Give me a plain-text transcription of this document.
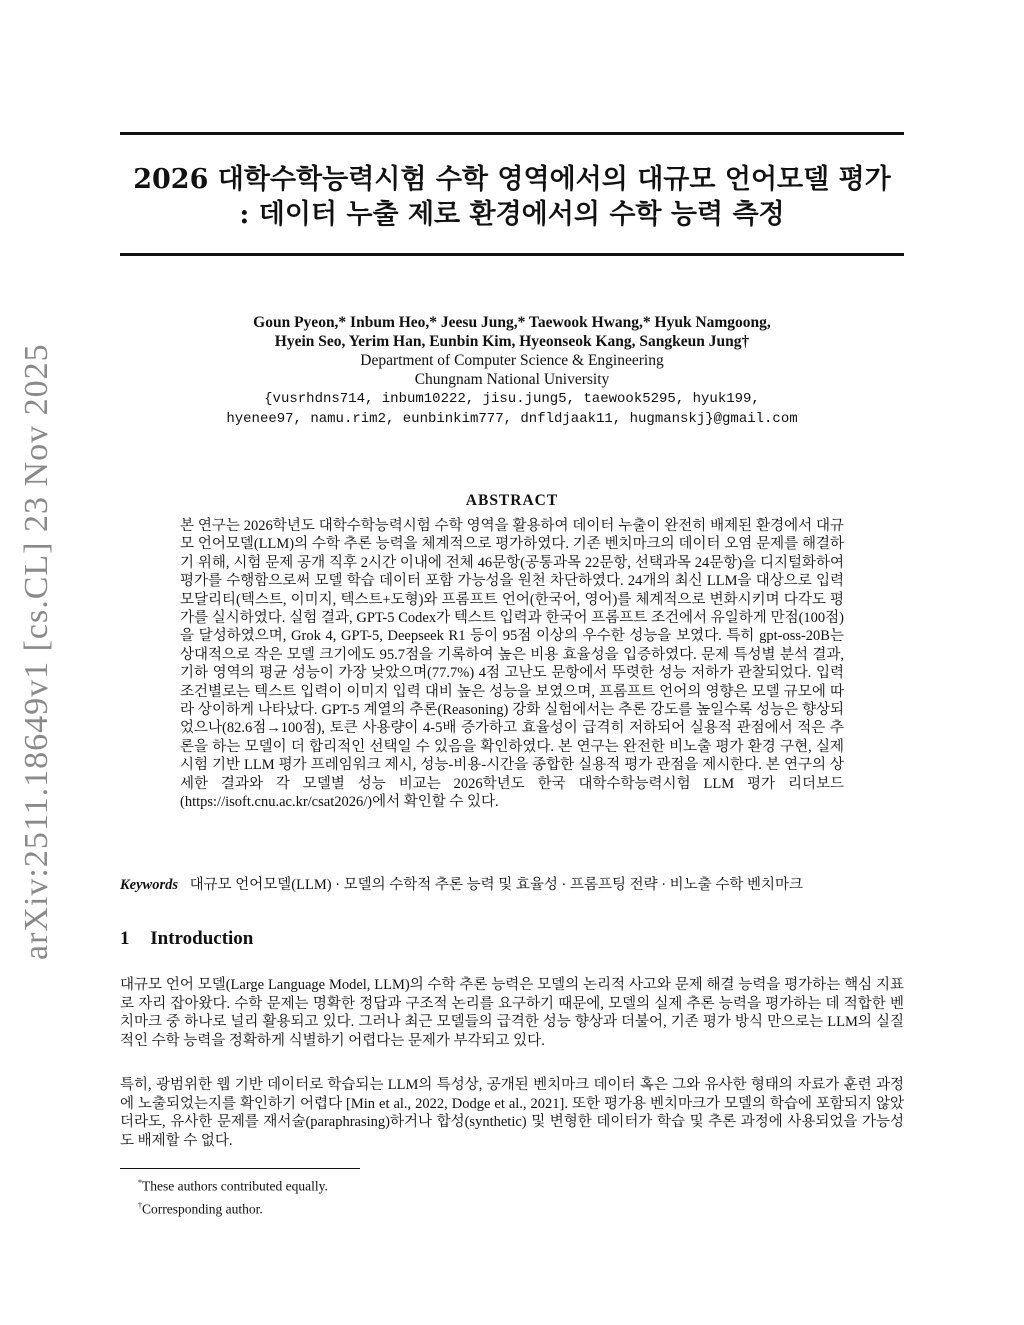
arXiv:2511.18649v1 [cs.CL] 23 Nov 2025
2026 대학수학능력시험 수학 영역에서의 대규모 언어모델 평가
: 데이터 누출 제로 환경에서의 수학 능력 측정
Goun Pyeon,* Inbum Heo,* Jeesu Jung,* Taewook Hwang,* Hyuk Namgoong,
Hyein Seo, Yerim Han, Eunbin Kim, Hyeonseok Kang, Sangkeun Jung†
Department of Computer Science & Engineering
Chungnam National University
{vusrhdns714, inbum10222, jisu.jung5, taewook5295, hyuk199,
hyenee97, namu.rim2, eunbinkim777, dnfldjaak11, hugmanskj}@gmail.com
ABSTRACT
본 연구는 2026학년도 대학수학능력시험 수학 영역을 활용하여 데이터 누출이 완전히 배제된 환경에서 대규모 언어모델(LLM)의 수학 추론 능력을 체계적으로 평가하였다. 기존 벤치마크의 데이터 오염 문제를 해결하기 위해, 시험 문제 공개 직후 2시간 이내에 전체 46문항(공통과목 22문항, 선택과목 24문항)을 디지털화하여 평가를 수행함으로써 모델 학습 데이터 포함 가능성을 원천 차단하였다. 24개의 최신 LLM을 대상으로 입력 모달리티(텍스트, 이미지, 텍스트+도형)와 프롬프트 언어(한국어, 영어)를 체계적으로 변화시키며 다각도 평가를 실시하였다. 실험 결과, GPT-5 Codex가 텍스트 입력과 한국어 프롬프트 조건에서 유일하게 만점(100점)을 달성하였으며, Grok 4, GPT-5, Deepseek R1 등이 95점 이상의 우수한 성능을 보였다. 특히 gpt-oss-20B는 상대적으로 작은 모델 크기에도 95.7점을 기록하여 높은 비용 효율성을 입증하였다. 문제 특성별 분석 결과, 기하 영역의 평균 성능이 가장 낮았으며(77.7%) 4점 고난도 문항에서 뚜렷한 성능 저하가 관찰되었다. 입력 조건별로는 텍스트 입력이 이미지 입력 대비 높은 성능을 보였으며, 프롬프트 언어의 영향은 모델 규모에 따라 상이하게 나타났다. GPT-5 계열의 추론(Reasoning) 강화 실험에서는 추론 강도를 높일수록 성능은 향상되었으나(82.6점→100점), 토큰 사용량이 4-5배 증가하고 효율성이 급격히 저하되어 실용적 관점에서 적은 추론을 하는 모델이 더 합리적인 선택일 수 있음을 확인하였다. 본 연구는 완전한 비노출 평가 환경 구현, 실제 시험 기반 LLM 평가 프레임워크 제시, 성능-비용-시간을 종합한 실용적 평가 관점을 제시한다. 본 연구의 상세한 결과와 각 모델별 성능 비교는 2026학년도 한국 대학수학능력시험 LLM 평가 리더보드(https://isoft.cnu.ac.kr/csat2026/)에서 확인할 수 있다.
Keywords 대규모 언어모델(LLM) · 모델의 수학적 추론 능력 및 효율성 · 프롬프팅 전략 · 비노출 수학 벤치마크
1 Introduction
대규모 언어 모델(Large Language Model, LLM)의 수학 추론 능력은 모델의 논리적 사고와 문제 해결 능력을 평가하는 핵심 지표로 자리 잡아왔다. 수학 문제는 명확한 정답과 구조적 논리를 요구하기 때문에, 모델의 실제 추론 능력을 평가하는 데 적합한 벤치마크 중 하나로 널리 활용되고 있다. 그러나 최근 모델들의 급격한 성능 향상과 더불어, 기존 평가 방식 만으로는 LLM의 실질적인 수학 능력을 정확하게 식별하기 어렵다는 문제가 부각되고 있다.
특히, 광범위한 웹 기반 데이터로 학습되는 LLM의 특성상, 공개된 벤치마크 데이터 혹은 그와 유사한 형태의 자료가 훈련 과정에 노출되었는지를 확인하기 어렵다 [Min et al., 2022, Dodge et al., 2021]. 또한 평가용 벤치마크가 모델의 학습에 포함되지 않았더라도, 유사한 문제를 재서술(paraphrasing)하거나 합성(synthetic) 및 변형한 데이터가 학습 및 추론 과정에 사용되었을 가능성도 배제할 수 없다.
*These authors contributed equally.
†Corresponding author.
